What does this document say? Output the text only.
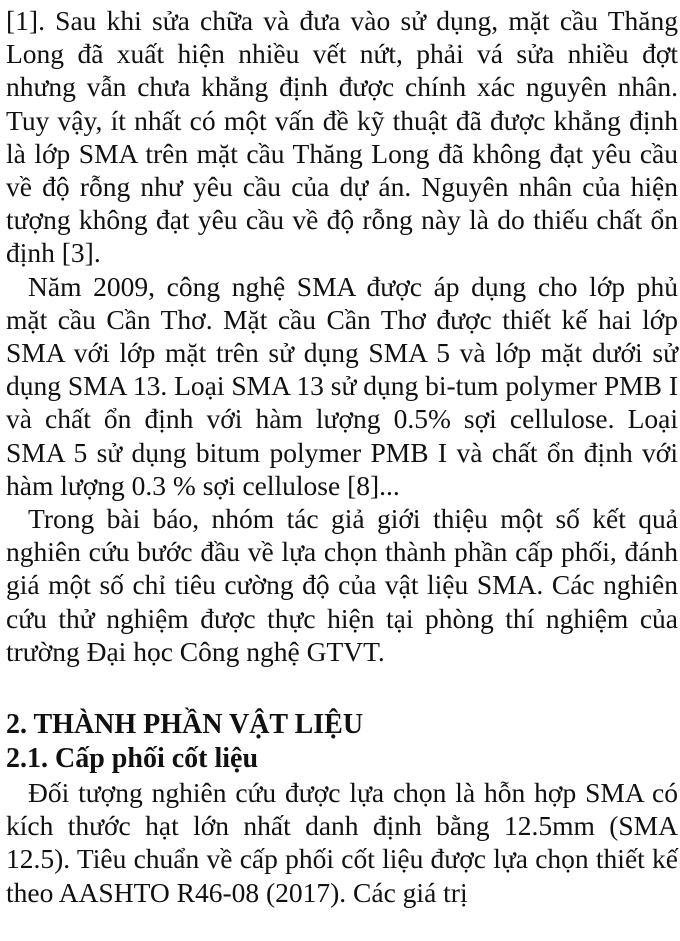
[1]. Sau khi sửa chữa và đưa vào sử dụng, mặt cầu Thăng Long đã xuất hiện nhiều vết nứt, phải vá sửa nhiều đợt nhưng vẫn chưa khẳng định được chính xác nguyên nhân. Tuy vậy, ít nhất có một vấn đề kỹ thuật đã được khẳng định là lớp SMA trên mặt cầu Thăng Long đã không đạt yêu cầu về độ rỗng như yêu cầu của dự án. Nguyên nhân của hiện tượng không đạt yêu cầu về độ rỗng này là do thiếu chất ổn định [3].

Năm 2009, công nghệ SMA được áp dụng cho lớp phủ mặt cầu Cần Thơ. Mặt cầu Cần Thơ được thiết kế hai lớp SMA với lớp mặt trên sử dụng SMA 5 và lớp mặt dưới sử dụng SMA 13. Loại SMA 13 sử dụng bi-tum polymer PMB I và chất ổn định với hàm lượng 0.5% sợi cellulose. Loại SMA 5 sử dụng bitum polymer PMB I và chất ổn định với hàm lượng 0.3 % sợi cellulose [8]...

Trong bài báo, nhóm tác giả giới thiệu một số kết quả nghiên cứu bước đầu về lựa chọn thành phần cấp phối, đánh giá một số chỉ tiêu cường độ của vật liệu SMA. Các nghiên cứu thử nghiệm được thực hiện tại phòng thí nghiệm của trường Đại học Công nghệ GTVT.

2. THÀNH PHẦN VẬT LIỆU
2.1. Cấp phối cốt liệu

Đối tượng nghiên cứu được lựa chọn là hỗn hợp SMA có kích thước hạt lớn nhất danh định bằng 12.5mm (SMA 12.5). Tiêu chuẩn về cấp phối cốt liệu được lựa chọn thiết kế theo AASHTO R46-08 (2017). Các giá trị
